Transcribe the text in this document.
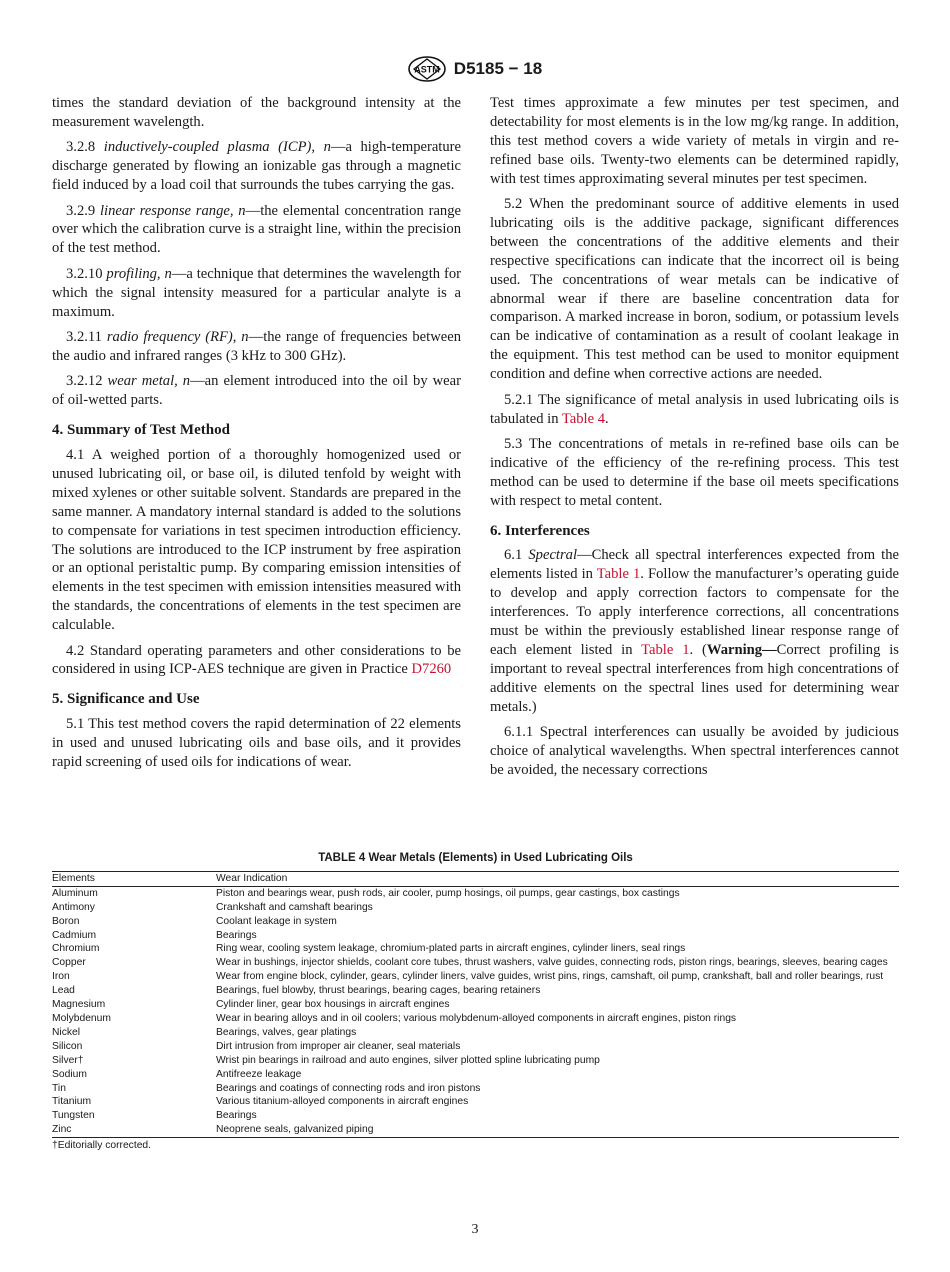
ASTM D5185 − 18

times the standard deviation of the background intensity at the measurement wavelength.

3.2.8 inductively-coupled plasma (ICP), n—a high-temperature discharge generated by flowing an ionizable gas through a magnetic field induced by a load coil that surrounds the tubes carrying the gas.

3.2.9 linear response range, n—the elemental concentration range over which the calibration curve is a straight line, within the precision of the test method.

3.2.10 profiling, n—a technique that determines the wavelength for which the signal intensity measured for a particular analyte is a maximum.

3.2.11 radio frequency (RF), n—the range of frequencies between the audio and infrared ranges (3 kHz to 300 GHz).

3.2.12 wear metal, n—an element introduced into the oil by wear of oil-wetted parts.

4. Summary of Test Method

4.1 A weighed portion of a thoroughly homogenized used or unused lubricating oil, or base oil, is diluted tenfold by weight with mixed xylenes or other suitable solvent. Standards are prepared in the same manner. A mandatory internal standard is added to the solutions to compensate for variations in test specimen introduction efficiency. The solutions are introduced to the ICP instrument by free aspiration or an optional peristaltic pump. By comparing emission intensities of elements in the test specimen with emission intensities measured with the standards, the concentrations of elements in the test specimen are calculable.

4.2 Standard operating parameters and other considerations to be considered in using ICP-AES technique are given in Practice D7260

5. Significance and Use

5.1 This test method covers the rapid determination of 22 elements in used and unused lubricating oils and base oils, and it provides rapid screening of used oils for indications of wear.

Test times approximate a few minutes per test specimen, and detectability for most elements is in the low mg/kg range. In addition, this test method covers a wide variety of metals in virgin and re-refined base oils. Twenty-two elements can be determined rapidly, with test times approximating several minutes per test specimen.

5.2 When the predominant source of additive elements in used lubricating oils is the additive package, significant differences between the concentrations of the additive elements and their respective specifications can indicate that the incorrect oil is being used. The concentrations of wear metals can be indicative of abnormal wear if there are baseline concentration data for comparison. A marked increase in boron, sodium, or potassium levels can be indicative of contamination as a result of coolant leakage in the equipment. This test method can be used to monitor equipment condition and define when corrective actions are needed.

5.2.1 The significance of metal analysis in used lubricating oils is tabulated in Table 4.

5.3 The concentrations of metals in re-refined base oils can be indicative of the efficiency of the re-refining process. This test method can be used to determine if the base oil meets specifications with respect to metal content.

6. Interferences

6.1 Spectral—Check all spectral interferences expected from the elements listed in Table 1. Follow the manufacturer’s operating guide to develop and apply correction factors to compensate for the interferences. To apply interference corrections, all concentrations must be within the previously established linear response range of each element listed in Table 1. (Warning—Correct profiling is important to reveal spectral interferences from high concentrations of additive elements on the spectral lines used for determining wear metals.)

6.1.1 Spectral interferences can usually be avoided by judicious choice of analytical wavelengths. When spectral interferences cannot be avoided, the necessary corrections

TABLE 4 Wear Metals (Elements) in Used Lubricating Oils
Elements	Wear Indication
Aluminum	Piston and bearings wear, push rods, air cooler, pump hosings, oil pumps, gear castings, box castings
Antimony	Crankshaft and camshaft bearings
Boron	Coolant leakage in system
Cadmium	Bearings
Chromium	Ring wear, cooling system leakage, chromium-plated parts in aircraft engines, cylinder liners, seal rings
Copper	Wear in bushings, injector shields, coolant core tubes, thrust washers, valve guides, connecting rods, piston rings, bearings, sleeves, bearing cages
Iron	Wear from engine block, cylinder, gears, cylinder liners, valve guides, wrist pins, rings, camshaft, oil pump, crankshaft, ball and roller bearings, rust
Lead	Bearings, fuel blowby, thrust bearings, bearing cages, bearing retainers
Magnesium	Cylinder liner, gear box housings in aircraft engines
Molybdenum	Wear in bearing alloys and in oil coolers; various molybdenum-alloyed components in aircraft engines, piston rings
Nickel	Bearings, valves, gear platings
Silicon	Dirt intrusion from improper air cleaner, seal materials
Silver†	Wrist pin bearings in railroad and auto engines, silver plotted spline lubricating pump
Sodium	Antifreeze leakage
Tin	Bearings and coatings of connecting rods and iron pistons
Titanium	Various titanium-alloyed components in aircraft engines
Tungsten	Bearings
Zinc	Neoprene seals, galvanized piping
†Editorially corrected.
3
